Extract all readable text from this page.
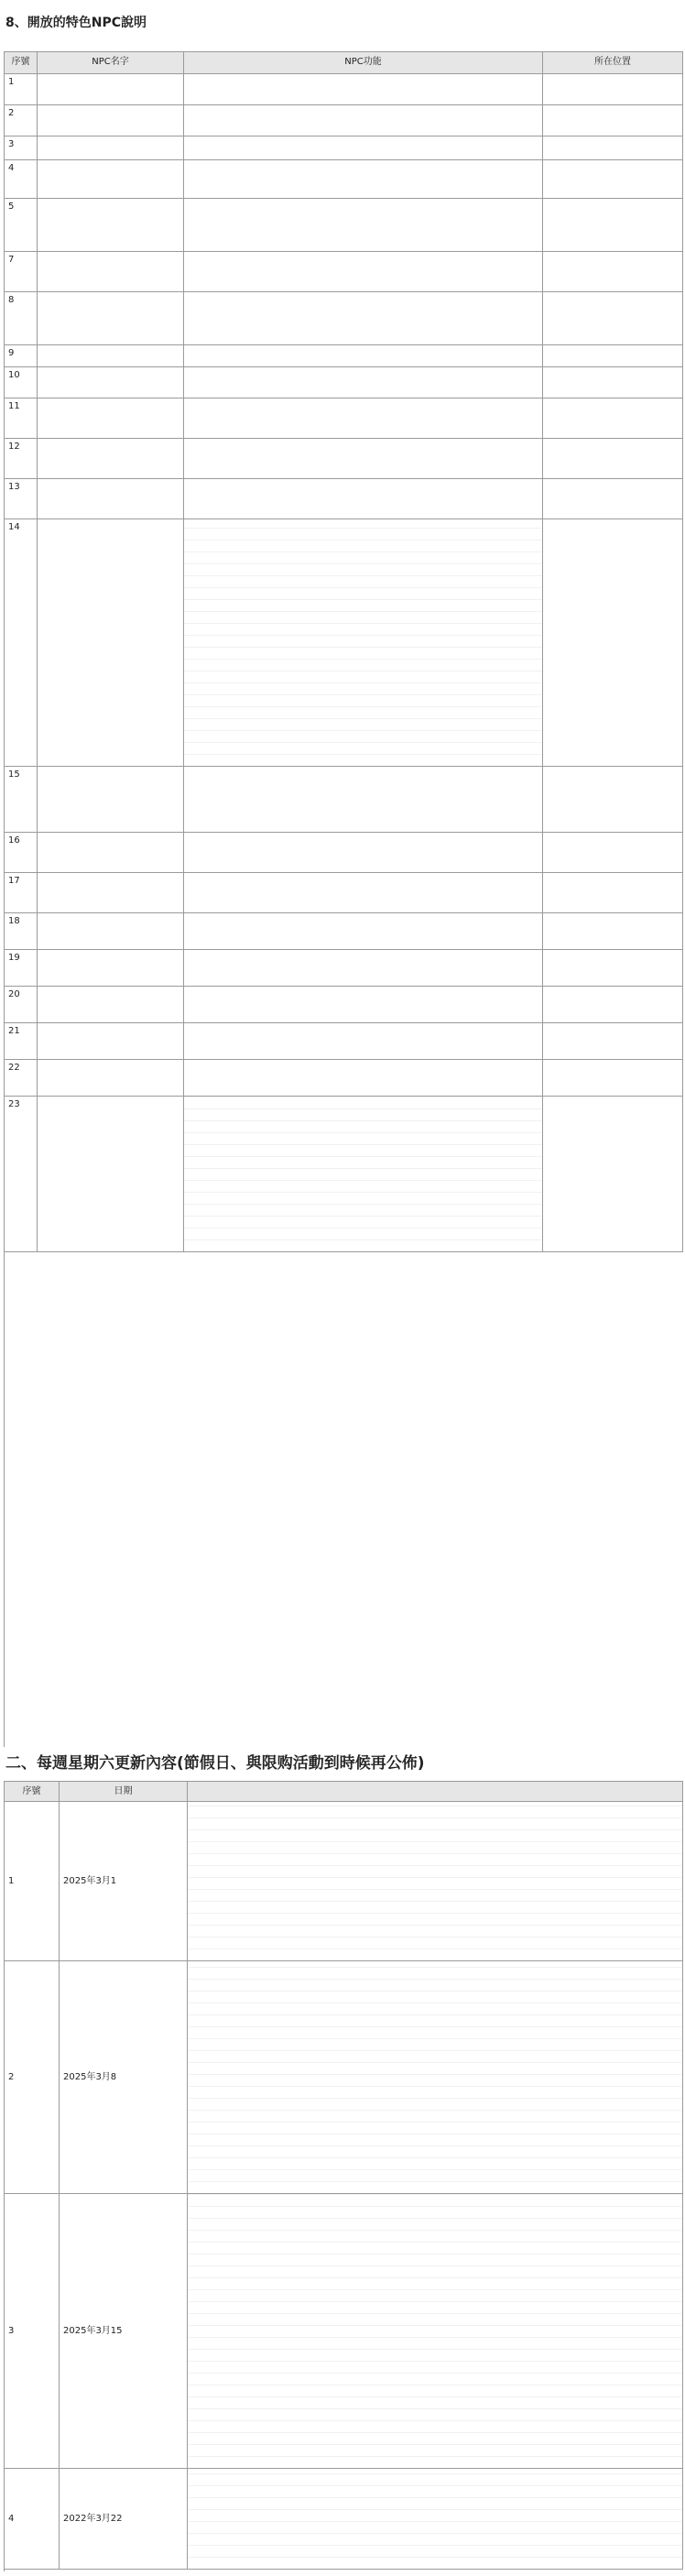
8、開放的特色NPC說明
序號	NPC名字	NPC功能	所在位置
1
2
3
4
5
7
8
9
10
11
12
13
14
15
16
17
18
19
20
21
22
23
二、每週星期六更新內容(節假日、與限购活動到時候再公佈)
序號	日期
1	2025年3月1
2	2025年3月8
3	2025年3月15
4	2022年3月22
